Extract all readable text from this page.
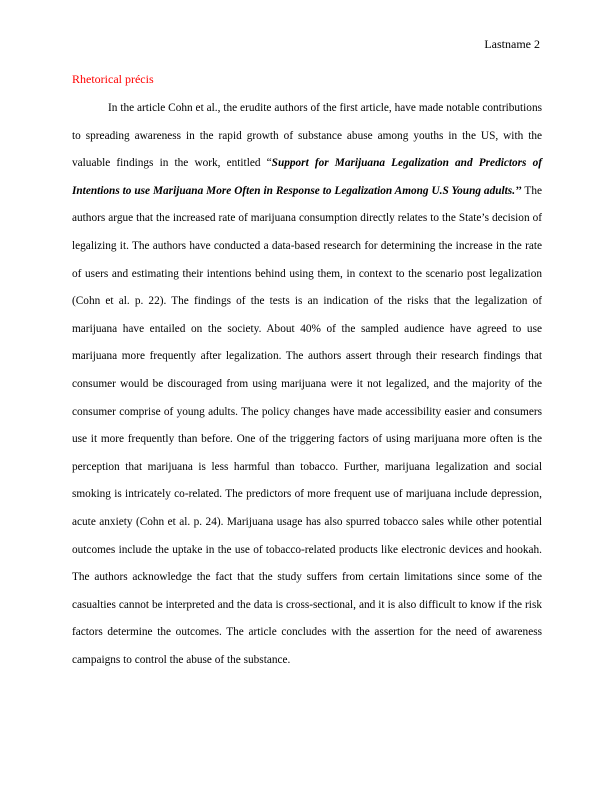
Lastname 2
Rhetorical précis

In the article Cohn et al., the erudite authors of the first article, have made notable contributions to spreading awareness in the rapid growth of substance abuse among youths in the US, with the valuable findings in the work, entitled “Support for Marijuana Legalization and Predictors of Intentions to use Marijuana More Often in Response to Legalization Among U.S Young adults.’’ The authors argue that the increased rate of marijuana consumption directly relates to the State’s decision of legalizing it. The authors have conducted a data-based research for determining the increase in the rate of users and estimating their intentions behind using them, in context to the scenario post legalization (Cohn et al. p. 22). The findings of the tests is an indication of the risks that the legalization of marijuana have entailed on the society. About 40% of the sampled audience have agreed to use marijuana more frequently after legalization. The authors assert through their research findings that consumer would be discouraged from using marijuana were it not legalized, and the majority of the consumer comprise of young adults. The policy changes have made accessibility easier and consumers use it more frequently than before. One of the triggering factors of using marijuana more often is the perception that marijuana is less harmful than tobacco. Further, marijuana legalization and social smoking is intricately co-related. The predictors of more frequent use of marijuana include depression, acute anxiety (Cohn et al. p. 24). Marijuana usage has also spurred tobacco sales while other potential outcomes include the uptake in the use of tobacco-related products like electronic devices and hookah. The authors acknowledge the fact that the study suffers from certain limitations since some of the casualties cannot be interpreted and the data is cross-sectional, and it is also difficult to know if the risk factors determine the outcomes. The article concludes with the assertion for the need of awareness campaigns to control the abuse of the substance.
